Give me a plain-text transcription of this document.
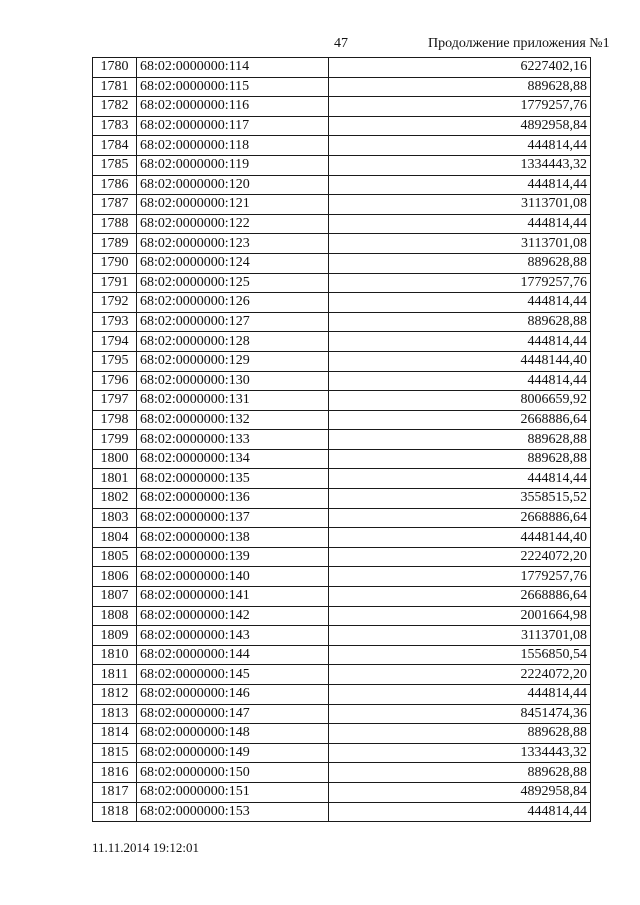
47	Продолжение приложения №1
1780	68:02:0000000:114	6227402,16
1781	68:02:0000000:115	889628,88
1782	68:02:0000000:116	1779257,76
1783	68:02:0000000:117	4892958,84
1784	68:02:0000000:118	444814,44
1785	68:02:0000000:119	1334443,32
1786	68:02:0000000:120	444814,44
1787	68:02:0000000:121	3113701,08
1788	68:02:0000000:122	444814,44
1789	68:02:0000000:123	3113701,08
1790	68:02:0000000:124	889628,88
1791	68:02:0000000:125	1779257,76
1792	68:02:0000000:126	444814,44
1793	68:02:0000000:127	889628,88
1794	68:02:0000000:128	444814,44
1795	68:02:0000000:129	4448144,40
1796	68:02:0000000:130	444814,44
1797	68:02:0000000:131	8006659,92
1798	68:02:0000000:132	2668886,64
1799	68:02:0000000:133	889628,88
1800	68:02:0000000:134	889628,88
1801	68:02:0000000:135	444814,44
1802	68:02:0000000:136	3558515,52
1803	68:02:0000000:137	2668886,64
1804	68:02:0000000:138	4448144,40
1805	68:02:0000000:139	2224072,20
1806	68:02:0000000:140	1779257,76
1807	68:02:0000000:141	2668886,64
1808	68:02:0000000:142	2001664,98
1809	68:02:0000000:143	3113701,08
1810	68:02:0000000:144	1556850,54
1811	68:02:0000000:145	2224072,20
1812	68:02:0000000:146	444814,44
1813	68:02:0000000:147	8451474,36
1814	68:02:0000000:148	889628,88
1815	68:02:0000000:149	1334443,32
1816	68:02:0000000:150	889628,88
1817	68:02:0000000:151	4892958,84
1818	68:02:0000000:153	444814,44
11.11.2014 19:12:01
